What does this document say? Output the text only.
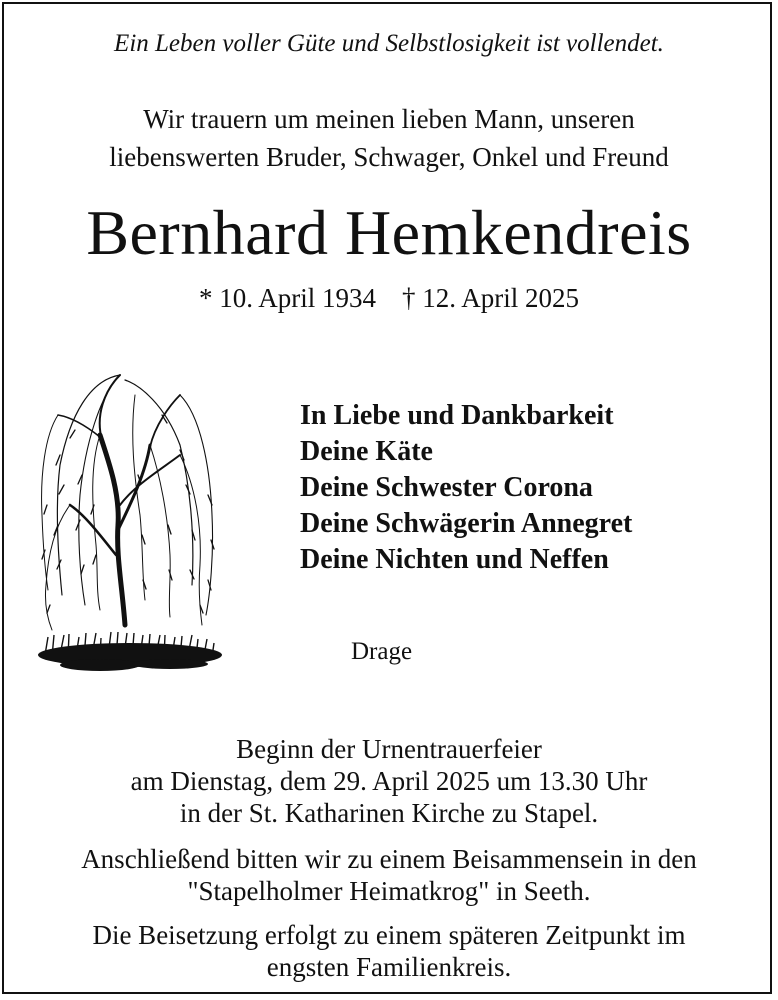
Ein Leben voller Güte und Selbstlosigkeit ist vollendet.
Wir trauern um meinen lieben Mann, unseren
liebenswerten Bruder, Schwager, Onkel und Freund
Bernhard Hemkendreis
* 10. April 1934 † 12. April 2025
In Liebe und Dankbarkeit
Deine Käte
Deine Schwester Corona
Deine Schwägerin Annegret
Deine Nichten und Neffen
Drage
Beginn der Urnentrauerfeier
am Dienstag, dem 29. April 2025 um 13.30 Uhr
in der St. Katharinen Kirche zu Stapel.
Anschließend bitten wir zu einem Beisammensein in den
"Stapelholmer Heimatkrog" in Seeth.
Die Beisetzung erfolgt zu einem späteren Zeitpunkt im
engsten Familienkreis.
